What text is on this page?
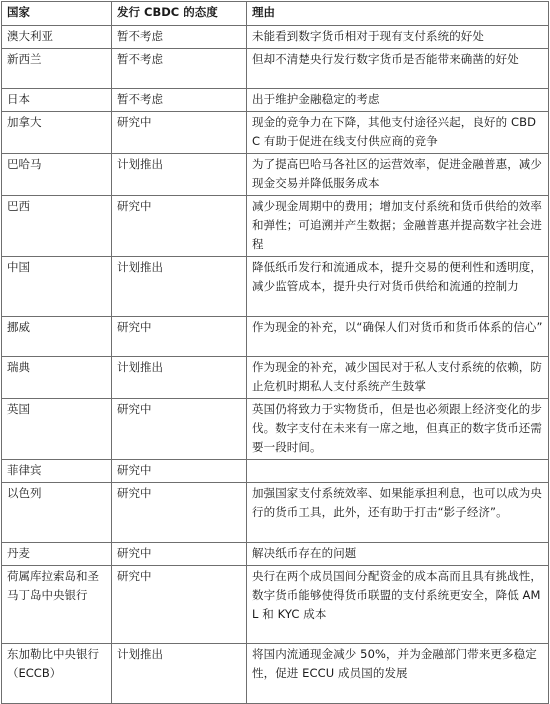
国家	发行 CBDC 的态度	理由
澳大利亚	暂不考虑	未能看到数字货币相对于现有支付系统的好处
新西兰	暂不考虑	但却不清楚央行发行数字货币是否能带来确凿的好处
日本	暂不考虑	出于维护金融稳定的考虑
加拿大	研究中	现金的竞争力在下降，其他支付途径兴起，良好的 CBDC 有助于促进在线支付供应商的竞争
巴哈马	计划推出	为了提高巴哈马各社区的运营效率，促进金融普惠，减少现金交易并降低服务成本
巴西	研究中	减少现金周期中的费用；增加支付系统和货币供给的效率和弹性；可追溯并产生数据；金融普惠并提高数字社会进程
中国	计划推出	降低纸币发行和流通成本，提升交易的便利性和透明度，减少监管成本，提升央行对货币供给和流通的控制力
挪威	研究中	作为现金的补充，以“确保人们对货币和货币体系的信心”
瑞典	计划推出	作为现金的补充，减少国民对于私人支付系统的依赖，防止危机时期私人支付系统产生鼓掌
英国	研究中	英国仍将致力于实物货币，但是也必须跟上经济变化的步伐。数字支付在未来有一席之地，但真正的数字货币还需要一段时间。
菲律宾	研究中	
以色列	研究中	加强国家支付系统效率、如果能承担利息，也可以成为央行的货币工具，此外，还有助于打击“影子经济”。
丹麦	研究中	解决纸币存在的问题
荷属库拉索岛和圣马丁岛中央银行	研究中	央行在两个成员国间分配资金的成本高而且具有挑战性，数字货币能够使得货币联盟的支付系统更安全，降低 AML 和 KYC 成本
东加勒比中央银行（ECCB）	计划推出	将国内流通现金减少 50%，并为金融部门带来更多稳定性，促进 ECCU 成员国的发展
